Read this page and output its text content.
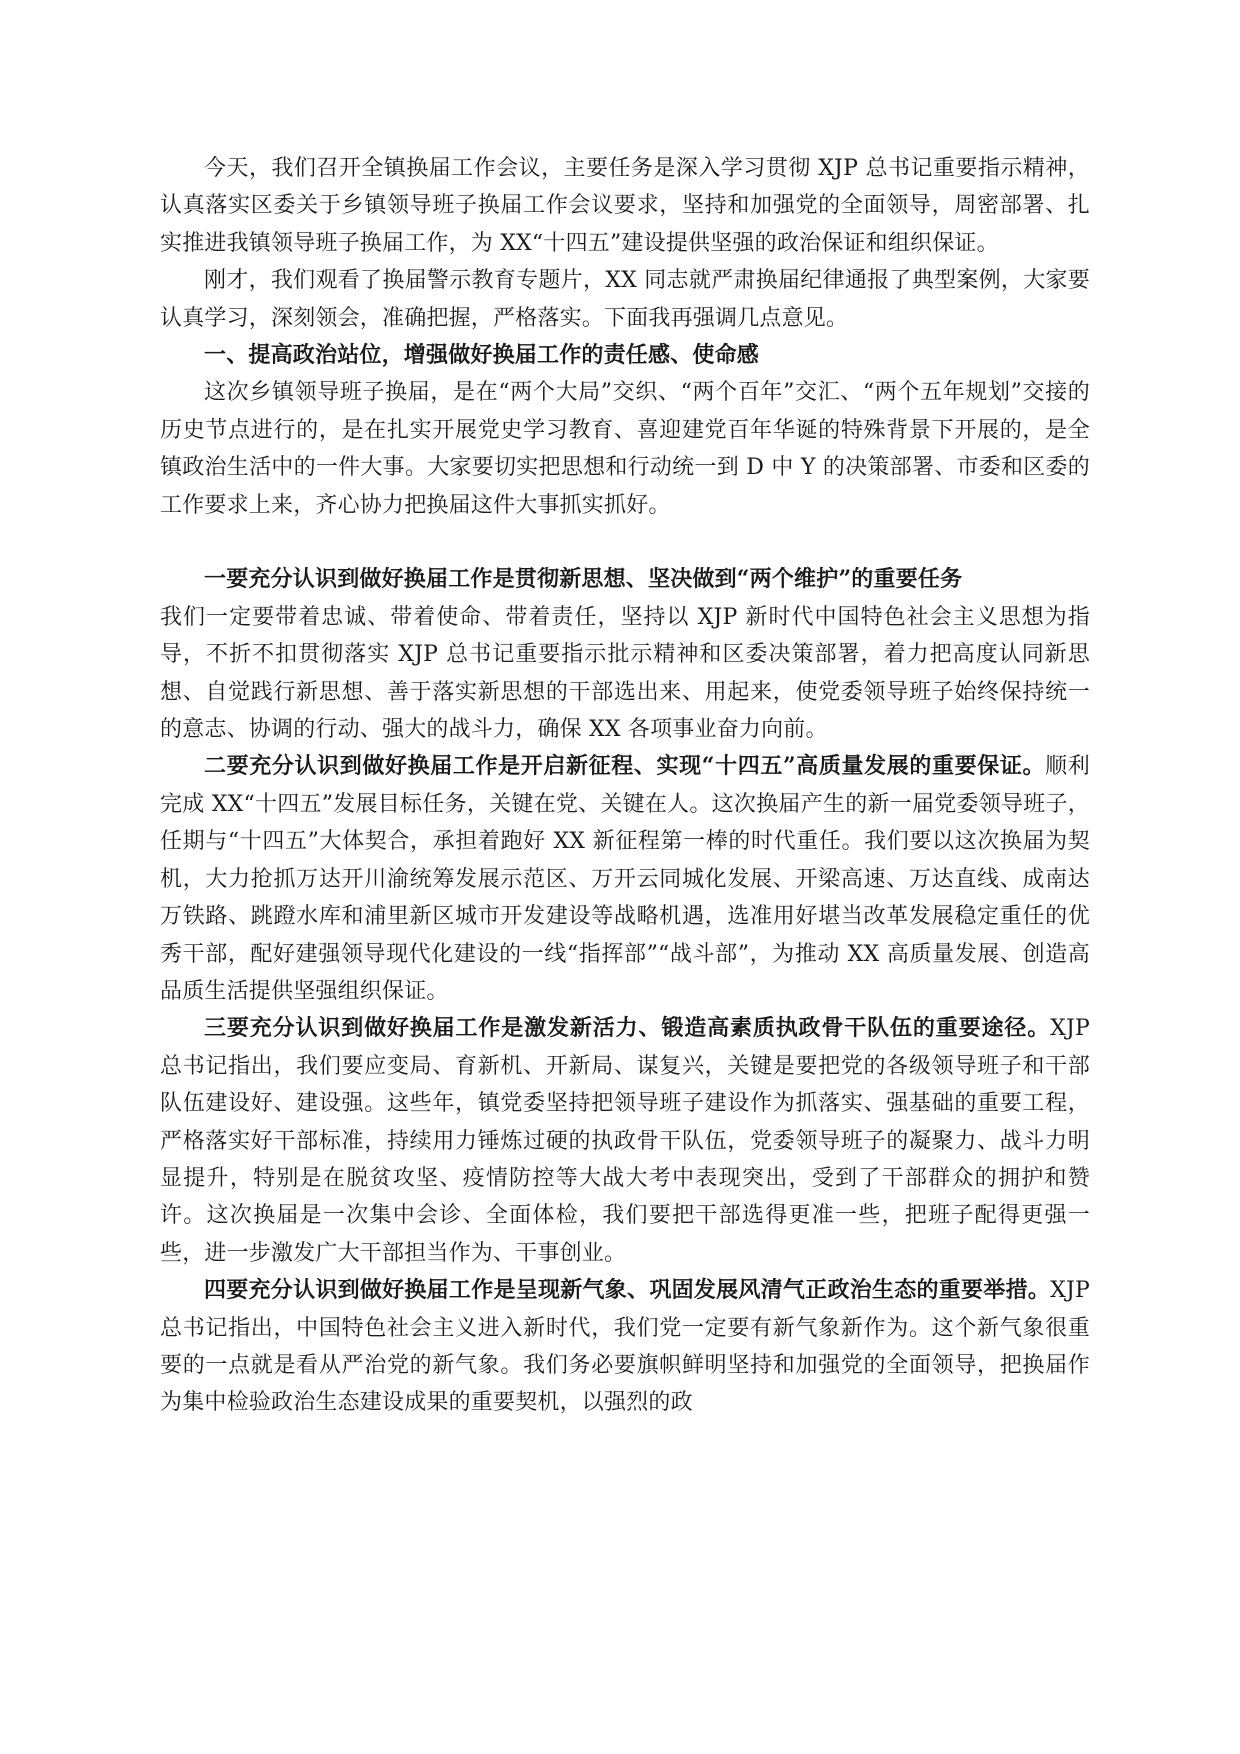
今天，我们召开全镇换届工作会议，主要任务是深入学习贯彻 XJP 总书记重要指示精神，认真落实区委关于乡镇领导班子换届工作会议要求，坚持和加强党的全面领导，周密部署、扎实推进我镇领导班子换届工作，为 XX“十四五”建设提供坚强的政治保证和组织保证。

刚才，我们观看了换届警示教育专题片，XX 同志就严肃换届纪律通报了典型案例，大家要认真学习，深刻领会，准确把握，严格落实。下面我再强调几点意见。

一、提高政治站位，增强做好换届工作的责任感、使命感

这次乡镇领导班子换届，是在“两个大局”交织、“两个百年”交汇、“两个五年规划”交接的历史节点进行的，是在扎实开展党史学习教育、喜迎建党百年华诞的特殊背景下开展的，是全镇政治生活中的一件大事。大家要切实把思想和行动统一到 D 中 Y 的决策部署、市委和区委的工作要求上来，齐心协力把换届这件大事抓实抓好。

一要充分认识到做好换届工作是贯彻新思想、坚决做到“两个维护”的重要任务

我们一定要带着忠诚、带着使命、带着责任，坚持以 XJP 新时代中国特色社会主义思想为指导，不折不扣贯彻落实 XJP 总书记重要指示批示精神和区委决策部署，着力把高度认同新思想、自觉践行新思想、善于落实新思想的干部选出来、用起来，使党委领导班子始终保持统一的意志、协调的行动、强大的战斗力，确保 XX 各项事业奋力向前。

二要充分认识到做好换届工作是开启新征程、实现“十四五”高质量发展的重要保证。顺利完成 XX“十四五”发展目标任务，关键在党、关键在人。这次换届产生的新一届党委领导班子，任期与“十四五”大体契合，承担着跑好 XX 新征程第一棒的时代重任。我们要以这次换届为契机，大力抢抓万达开川渝统筹发展示范区、万开云同城化发展、开梁高速、万达直线、成南达万铁路、跳蹬水库和浦里新区城市开发建设等战略机遇，选准用好堪当改革发展稳定重任的优秀干部，配好建强领导现代化建设的一线“指挥部”“战斗部”，为推动 XX 高质量发展、创造高品质生活提供坚强组织保证。

三要充分认识到做好换届工作是激发新活力、锻造高素质执政骨干队伍的重要途径。XJP 总书记指出，我们要应变局、育新机、开新局、谋复兴，关键是要把党的各级领导班子和干部队伍建设好、建设强。这些年，镇党委坚持把领导班子建设作为抓落实、强基础的重要工程，严格落实好干部标准，持续用力锤炼过硬的执政骨干队伍，党委领导班子的凝聚力、战斗力明显提升，特别是在脱贫攻坚、疫情防控等大战大考中表现突出，受到了干部群众的拥护和赞许。这次换届是一次集中会诊、全面体检，我们要把干部选得更准一些，把班子配得更强一些，进一步激发广大干部担当作为、干事创业。

四要充分认识到做好换届工作是呈现新气象、巩固发展风清气正政治生态的重要举措。XJP 总书记指出，中国特色社会主义进入新时代，我们党一定要有新气象新作为。这个新气象很重要的一点就是看从严治党的新气象。我们务必要旗帜鲜明坚持和加强党的全面领导，把换届作为集中检验政治生态建设成果的重要契机，以强烈的政
